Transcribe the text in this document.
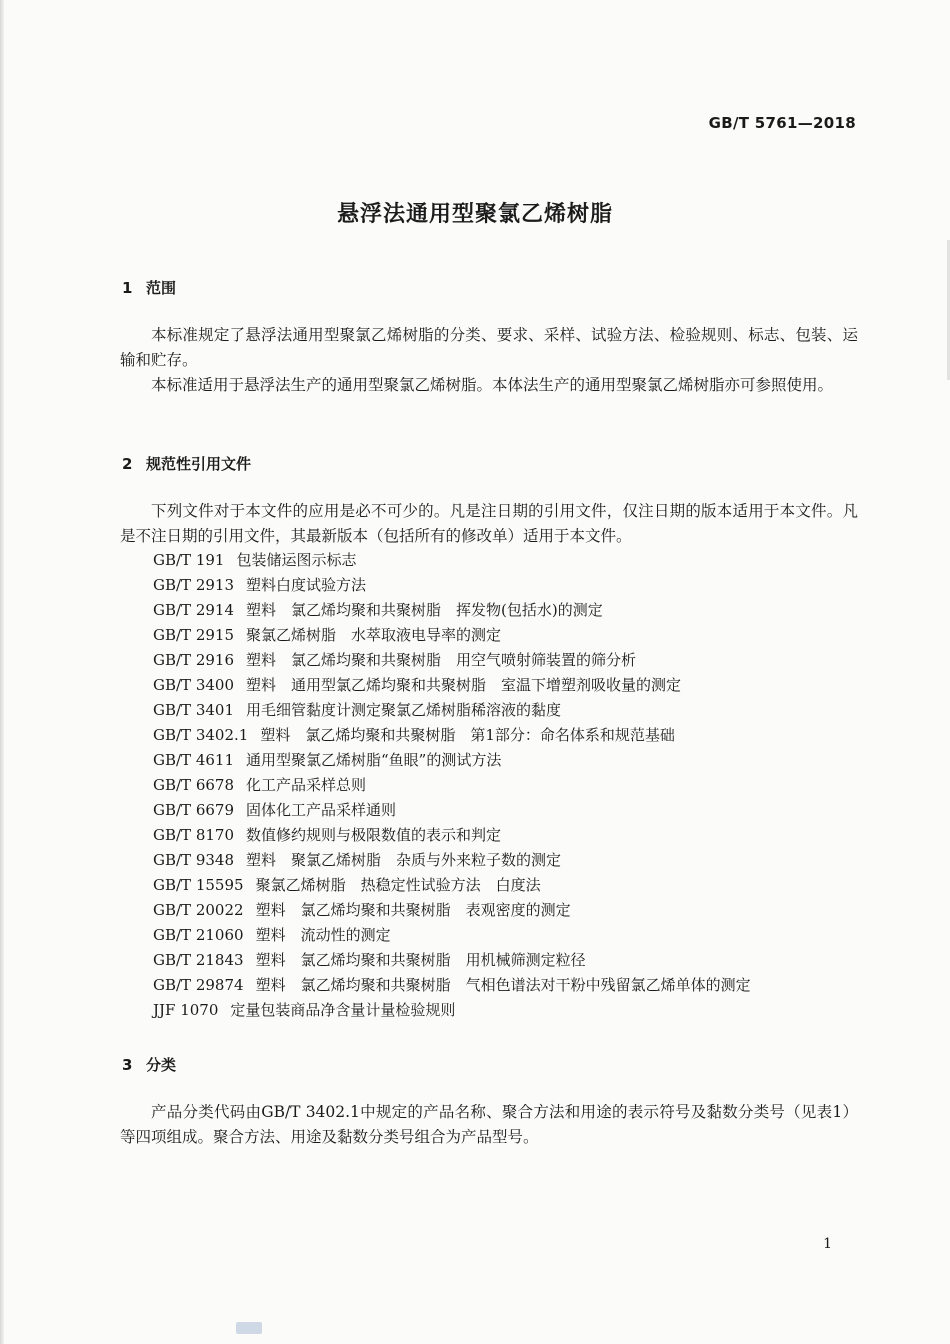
GB/T 5761—2018
悬浮法通用型聚氯乙烯树脂
1 范围
本标准规定了悬浮法通用型聚氯乙烯树脂的分类、要求、采样、试验方法、检验规则、标志、包装、运输和贮存。
本标准适用于悬浮法生产的通用型聚氯乙烯树脂。本体法生产的通用型聚氯乙烯树脂亦可参照使用。
2 规范性引用文件
下列文件对于本文件的应用是必不可少的。凡是注日期的引用文件，仅注日期的版本适用于本文件。凡是不注日期的引用文件，其最新版本（包括所有的修改单）适用于本文件。
GB/T 191 包装储运图示标志
GB/T 2913 塑料白度试验方法
GB/T 2914 塑料　氯乙烯均聚和共聚树脂　挥发物(包括水)的测定
GB/T 2915 聚氯乙烯树脂　水萃取液电导率的测定
GB/T 2916 塑料　氯乙烯均聚和共聚树脂　用空气喷射筛装置的筛分析
GB/T 3400 塑料　通用型氯乙烯均聚和共聚树脂　室温下增塑剂吸收量的测定
GB/T 3401 用毛细管黏度计测定聚氯乙烯树脂稀溶液的黏度
GB/T 3402.1 塑料　氯乙烯均聚和共聚树脂　第1部分：命名体系和规范基础
GB/T 4611 通用型聚氯乙烯树脂“鱼眼”的测试方法
GB/T 6678 化工产品采样总则
GB/T 6679 固体化工产品采样通则
GB/T 8170 数值修约规则与极限数值的表示和判定
GB/T 9348 塑料　聚氯乙烯树脂　杂质与外来粒子数的测定
GB/T 15595 聚氯乙烯树脂　热稳定性试验方法　白度法
GB/T 20022 塑料　氯乙烯均聚和共聚树脂　表观密度的测定
GB/T 21060 塑料　流动性的测定
GB/T 21843 塑料　氯乙烯均聚和共聚树脂　用机械筛测定粒径
GB/T 29874 塑料　氯乙烯均聚和共聚树脂　气相色谱法对干粉中残留氯乙烯单体的测定
JJF 1070 定量包装商品净含量计量检验规则
3 分类
产品分类代码由GB/T 3402.1中规定的产品名称、聚合方法和用途的表示符号及黏数分类号（见表1）等四项组成。聚合方法、用途及黏数分类号组合为产品型号。
1
